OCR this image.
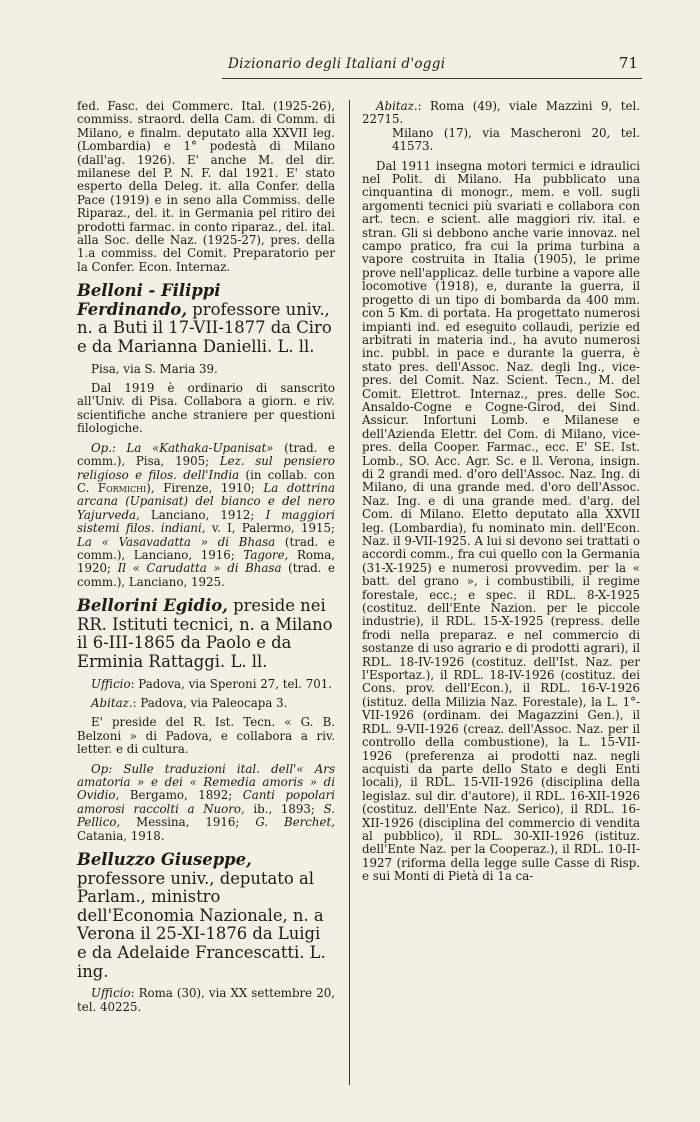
Dizionario degli Italiani d'oggi	71

fed. Fasc. dei Commerc. Ital. (1925-26), commiss. straord. della Cam. di Comm. di Milano, e finalm. deputato alla XXVII leg. (Lombardia) e 1° podestà di Milano (dall'ag. 1926). E' anche M. del dir. milanese del P. N. F. dal 1921. E' stato esperto della Deleg. it. alla Confer. della Pace (1919) e in seno alla Commiss. delle Riparaz., del. it. in Germania pel ritiro dei prodotti farmac. in conto riparaz., del. ital. alla Soc. delle Naz. (1925-27), pres. della 1.a commiss. del Comit. Preparatorio per la Confer. Econ. Internaz.

Belloni - Filippi Ferdinando, professore univ., n. a Buti il 17-VII-1877 da Ciro e da Marianna Danielli. L. ll.

Pisa, via S. Maria 39.

Dal 1919 è ordinario di sanscrito all'Univ. di Pisa. Collabora a giorn. e riv. scientifiche anche straniere per questioni filologiche.

Op.: La «Kathaka-Upanisat» (trad. e comm.), Pisa, 1905; Lez. sul pensiero religioso e filos. dell'India (in collab. con C. Formichi), Firenze, 1910; La dottrina arcana (Upanisat) del bianco e del nero Yajurveda, Lanciano, 1912; I maggiori sistemi filos. indiani, v. I, Palermo, 1915; La « Vasavadatta » di Bhasa (trad. e comm.), Lanciano, 1916; Tagore, Roma, 1920; Il « Carudatta » di Bhasa (trad. e comm.), Lanciano, 1925.

Bellorini Egidio, preside nei RR. Istituti tecnici, n. a Milano il 6-III-1865 da Paolo e da Erminia Rattaggi. L. ll.

Ufficio: Padova, via Speroni 27, tel. 701.

Abitaz.: Padova, via Paleocapa 3.

E' preside del R. Ist. Tecn. « G. B. Belzoni » di Padova, e collabora a riv. letter. e di cultura.

Op: Sulle traduzioni ital. dell'« Ars amatoria » e dei « Remedia amoris » di Ovidio, Bergamo, 1892; Canti popolari amorosi raccolti a Nuoro, ib., 1893; S. Pellico, Messina, 1916; G. Berchet, Catania, 1918.

Belluzzo Giuseppe, professore univ., deputato al Parlam., ministro dell'Economia Nazionale, n. a Verona il 25-XI-1876 da Luigi e da Adelaide Francescatti. L. ing.

Ufficio: Roma (30), via XX settembre 20, tel. 40225.

Abitaz.: Roma (49), viale Mazzini 9, tel. 22715.

Milano (17), via Mascheroni 20, tel. 41573.

Dal 1911 insegna motori termici e idraulici nel Polit. di Milano. Ha pubblicato una cinquantina di monogr., mem. e voll. sugli argomenti tecnici più svariati e collabora con art. tecn. e scient. alle maggiori riv. ital. e stran. Gli si debbono anche varie innovaz. nel campo pratico, fra cui la prima turbina a vapore costruita in Italia (1905), le prime prove nell'applicaz. delle turbine a vapore alle locomotive (1918), e, durante la guerra, il progetto di un tipo di bombarda da 400 mm. con 5 Km. di portata. Ha progettato numerosi impianti ind. ed eseguito collaudi, perizie ed arbitrati in materia ind., ha avuto numerosi inc. pubbl. in pace e durante la guerra, è stato pres. dell'Assoc. Naz. degli Ing., vice-pres. del Comit. Naz. Scient. Tecn., M. del Comit. Elettrot. Internaz., pres. delle Soc. Ansaldo-Cogne e Cogne-Girod, dei Sind. Assicur. Infortuni Lomb. e Milanese e dell'Azienda Elettr. del Com. di Milano, vice-pres. della Cooper. Farmac., ecc. E' SE. Ist. Lomb., SO. Acc. Agr. Sc. e ll. Verona, insign. di 2 grandi med. d'oro dell'Assoc. Naz. Ing. di Milano, di una grande med. d'oro dell'Assoc. Naz. Ing. e di una grande med. d'arg. del Com. di Milano. Eletto deputato alla XXVII leg. (Lombardia), fu nominato min. dell'Econ. Naz. il 9-VII-1925. A lui si devono sei trattati o accordi comm., fra cui quello con la Germania (31-X-1925) e numerosi provvedim. per la « batt. del grano », i combustibili, il regime forestale, ecc.; e spec. il RDL. 8-X-1925 (costituz. dell'Ente Nazion. per le piccole industrie), il RDL. 15-X-1925 (repress. delle frodi nella preparaz. e nel commercio di sostanze di uso agrario e di prodotti agrari), il RDL. 18-IV-1926 (costituz. dell'Ist. Naz. per l'Esportaz.), il RDL. 18-IV-1926 (costituz. dei Cons. prov. dell'Econ.), il RDL. 16-V-1926 (istituz. della Milizia Naz. Forestale), la L. 1°-VII-1926 (ordinam. dei Magazzini Gen.), il RDL. 9-VII-1926 (creaz. dell'Assoc. Naz. per il controllo della combustione), la L. 15-VII-1926 (preferenza ai prodotti naz. negli acquisti da parte dello Stato e degli Enti locali), il RDL. 15-VII-1926 (disciplina della legislaz. sul dir. d'autore), il RDL. 16-XII-1926 (costituz. dell'Ente Naz. Serico), il RDL. 16-XII-1926 (disciplina del commercio di vendita al pubblico), il RDL. 30-XII-1926 (istituz. dell'Ente Naz. per la Cooperaz.), il RDL. 10-II-1927 (riforma della legge sulle Casse di Risp. e sui Monti di Pietà di 1a ca-
